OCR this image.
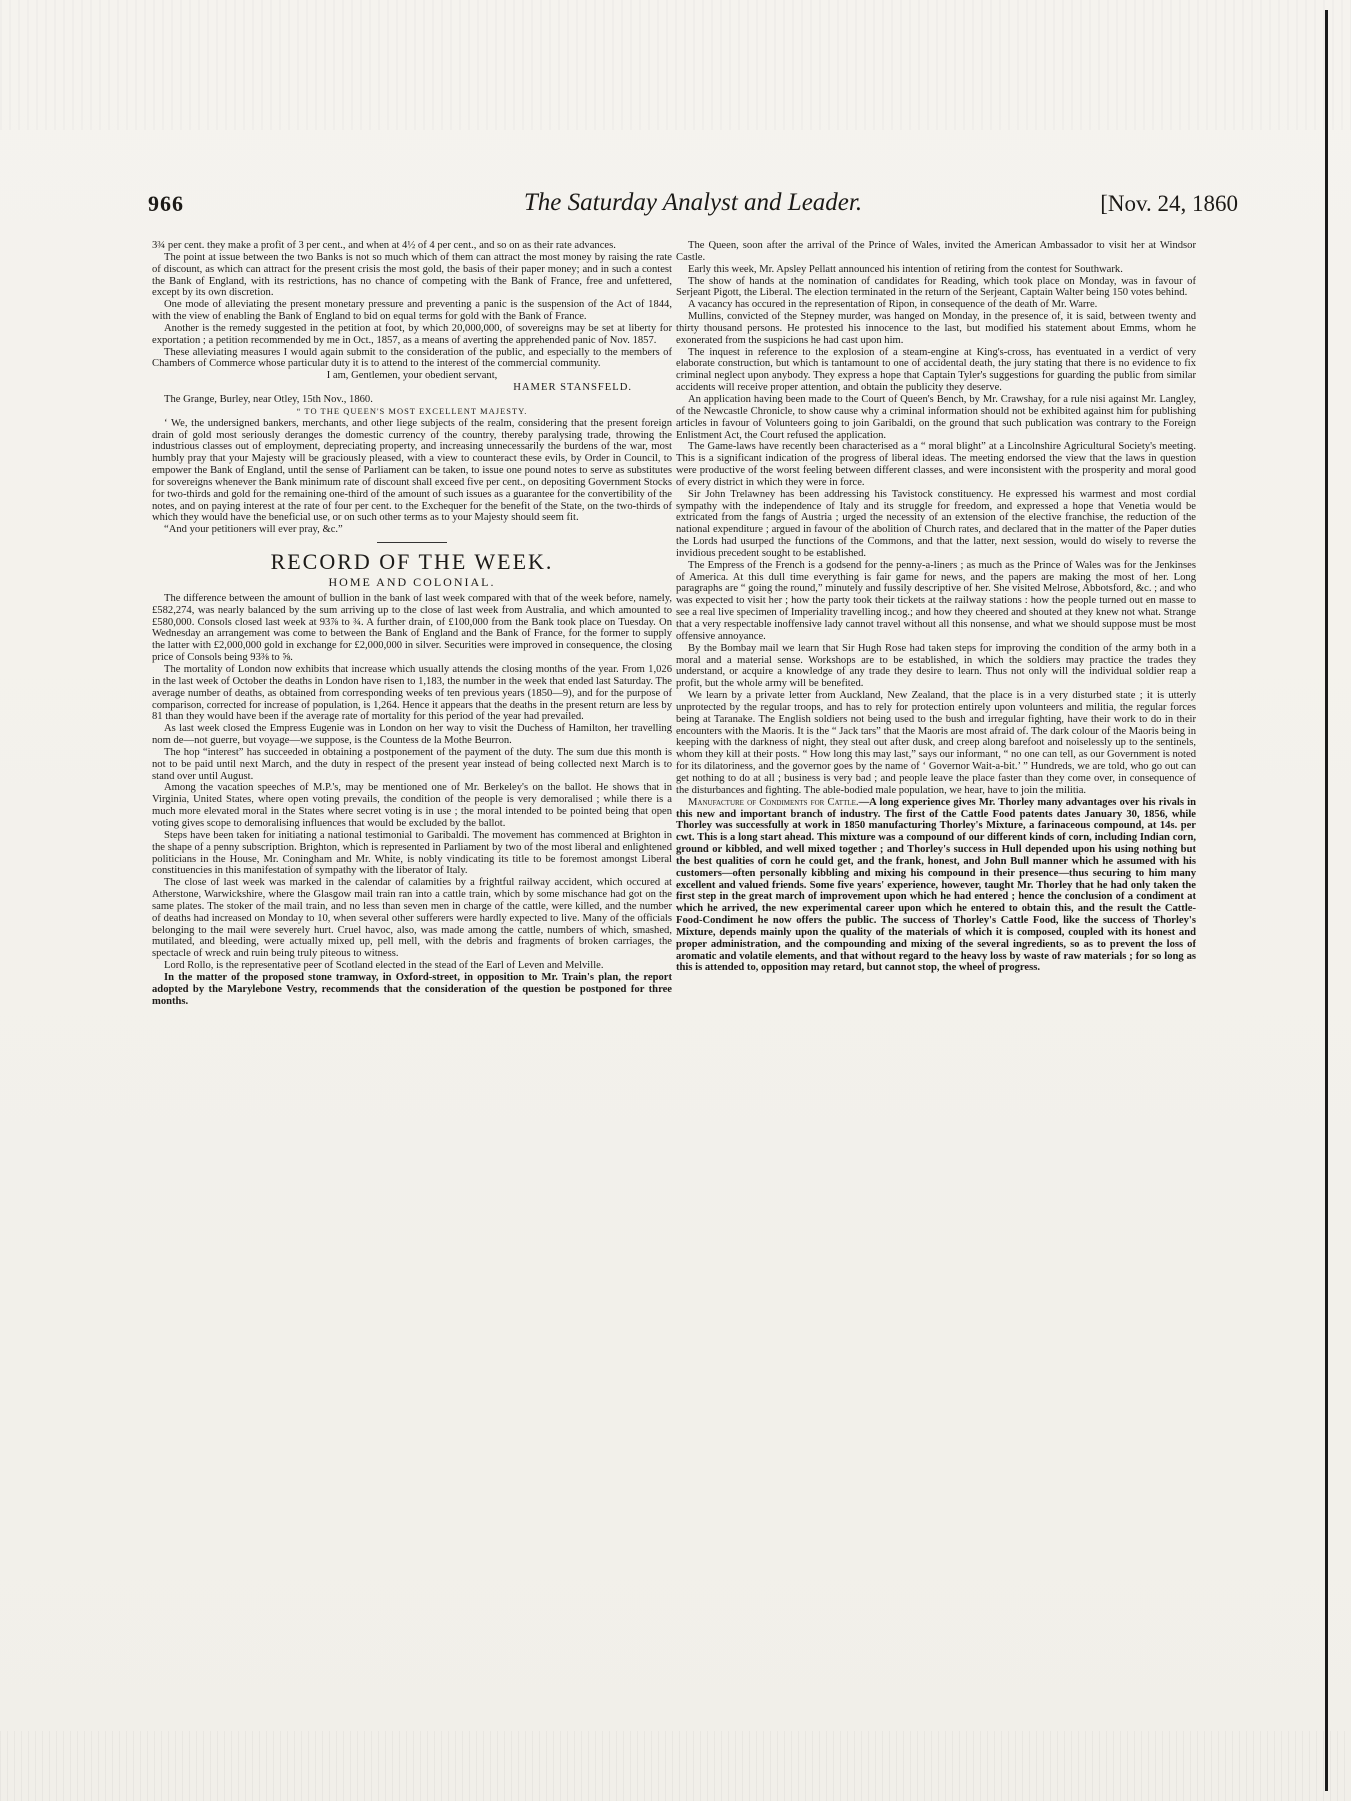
966	The Saturday Analyst and Leader.	[Nov. 24, 1860

3¾ per cent. they make a profit of 3 per cent., and when at 4½ of 4 per cent., and so on as their rate advances.

The point at issue between the two Banks is not so much which of them can attract the most money by raising the rate of discount, as which can attract for the present crisis the most gold, the basis of their paper money; and in such a contest the Bank of England, with its restrictions, has no chance of competing with the Bank of France, free and unfettered, except by its own discretion.

One mode of alleviating the present monetary pressure and preventing a panic is the suspension of the Act of 1844, with the view of enabling the Bank of England to bid on equal terms for gold with the Bank of France.

Another is the remedy suggested in the petition at foot, by which 20,000,000, of sovereigns may be set at liberty for exportation ; a petition recommended by me in Oct., 1857, as a means of averting the apprehended panic of Nov. 1857.

These alleviating measures I would again submit to the consideration of the public, and especially to the members of Chambers of Commerce whose particular duty it is to attend to the interest of the commercial community.

I am, Gentlemen, your obedient servant,

HAMER STANSFELD.

The Grange, Burley, near Otley, 15th Nov., 1860.

“ TO THE QUEEN'S MOST EXCELLENT MAJESTY.

‘ We, the undersigned bankers, merchants, and other liege subjects of the realm, considering that the present foreign drain of gold most seriously deranges the domestic currency of the country, thereby paralysing trade, throwing the industrious classes out of employment, depreciating property, and increasing unnecessarily the burdens of the war, most humbly pray that your Majesty will be graciously pleased, with a view to counteract these evils, by Order in Council, to empower the Bank of England, until the sense of Parliament can be taken, to issue one pound notes to serve as substitutes for sovereigns whenever the Bank minimum rate of discount shall exceed five per cent., on depositing Government Stocks for two-thirds and gold for the remaining one-third of the amount of such issues as a guarantee for the convertibility of the notes, and on paying interest at the rate of four per cent. to the Exchequer for the benefit of the State, on the two-thirds of which they would have the beneficial use, or on such other terms as to your Majesty should seem fit.

“And your petitioners will ever pray, &c.”

RECORD OF THE WEEK.
HOME AND COLONIAL.

The difference between the amount of bullion in the bank of last week compared with that of the week before, namely, £582,274, was nearly balanced by the sum arriving up to the close of last week from Australia, and which amounted to £580,000. Consols closed last week at 93⅞ to ¾. A further drain, of £100,000 from the Bank took place on Tuesday. On Wednesday an arrangement was come to between the Bank of England and the Bank of France, for the former to supply the latter with £2,000,000 gold in exchange for £2,000,000 in silver. Securities were improved in consequence, the closing price of Consols being 93⅜ to ⅝.

The mortality of London now exhibits that increase which usually attends the closing months of the year. From 1,026 in the last week of October the deaths in London have risen to 1,183, the number in the week that ended last Saturday. The average number of deaths, as obtained from corresponding weeks of ten previous years (1850—9), and for the purpose of comparison, corrected for increase of population, is 1,264. Hence it appears that the deaths in the present return are less by 81 than they would have been if the average rate of mortality for this period of the year had prevailed.

As last week closed the Empress Eugenie was in London on her way to visit the Duchess of Hamilton, her travelling nom de—not guerre, but voyage—we suppose, is the Countess de la Mothe Beurron.

The hop “interest” has succeeded in obtaining a postponement of the payment of the duty. The sum due this month is not to be paid until next March, and the duty in respect of the present year instead of being collected next March is to stand over until August.

Among the vacation speeches of M.P.'s, may be mentioned one of Mr. Berkeley's on the ballot. He shows that in Virginia, United States, where open voting prevails, the condition of the people is very demoralised ; while there is a much more elevated moral in the States where secret voting is in use ; the moral intended to be pointed being that open voting gives scope to demoralising influences that would be excluded by the ballot.

Steps have been taken for initiating a national testimonial to Garibaldi. The movement has commenced at Brighton in the shape of a penny subscription. Brighton, which is represented in Parliament by two of the most liberal and enlightened politicians in the House, Mr. Coningham and Mr. White, is nobly vindicating its title to be foremost amongst Liberal constituencies in this manifestation of sympathy with the liberator of Italy.

The close of last week was marked in the calendar of calamities by a frightful railway accident, which occured at Atherstone, Warwickshire, where the Glasgow mail train ran into a cattle train, which by some mischance had got on the same plates. The stoker of the mail train, and no less than seven men in charge of the cattle, were killed, and the number of deaths had increased on Monday to 10, when several other sufferers were hardly expected to live. Many of the officials belonging to the mail were severely hurt. Cruel havoc, also, was made among the cattle, numbers of which, smashed, mutilated, and bleeding, were actually mixed up, pell mell, with the debris and fragments of broken carriages, the spectacle of wreck and ruin being truly piteous to witness.

Lord Rollo, is the representative peer of Scotland elected in the stead of the Earl of Leven and Melville.

In the matter of the proposed stone tramway, in Oxford-street, in opposition to Mr. Train's plan, the report adopted by the Marylebone Vestry, recommends that the consideration of the question be postponed for three months.

The Queen, soon after the arrival of the Prince of Wales, invited the American Ambassador to visit her at Windsor Castle.

Early this week, Mr. Apsley Pellatt announced his intention of retiring from the contest for Southwark.

The show of hands at the nomination of candidates for Reading, which took place on Monday, was in favour of Serjeant Pigott, the Liberal. The election terminated in the return of the Serjeant, Captain Walter being 150 votes behind.

A vacancy has occured in the representation of Ripon, in consequence of the death of Mr. Warre.

Mullins, convicted of the Stepney murder, was hanged on Monday, in the presence of, it is said, between twenty and thirty thousand persons. He protested his innocence to the last, but modified his statement about Emms, whom he exonerated from the suspicions he had cast upon him.

The inquest in reference to the explosion of a steam-engine at King's-cross, has eventuated in a verdict of very elaborate construction, but which is tantamount to one of accidental death, the jury stating that there is no evidence to fix criminal neglect upon anybody. They express a hope that Captain Tyler's suggestions for guarding the public from similar accidents will receive proper attention, and obtain the publicity they deserve.

An application having been made to the Court of Queen's Bench, by Mr. Crawshay, for a rule nisi against Mr. Langley, of the Newcastle Chronicle, to show cause why a criminal information should not be exhibited against him for publishing articles in favour of Volunteers going to join Garibaldi, on the ground that such publication was contrary to the Foreign Enlistment Act, the Court refused the application.

The Game-laws have recently been characterised as a “ moral blight” at a Lincolnshire Agricultural Society's meeting. This is a significant indication of the progress of liberal ideas. The meeting endorsed the view that the laws in question were productive of the worst feeling between different classes, and were inconsistent with the prosperity and moral good of every district in which they were in force.

Sir John Trelawney has been addressing his Tavistock constituency. He expressed his warmest and most cordial sympathy with the independence of Italy and its struggle for freedom, and expressed a hope that Venetia would be extricated from the fangs of Austria ; urged the necessity of an extension of the elective franchise, the reduction of the national expenditure ; argued in favour of the abolition of Church rates, and declared that in the matter of the Paper duties the Lords had usurped the functions of the Commons, and that the latter, next session, would do wisely to reverse the invidious precedent sought to be established.

The Empress of the French is a godsend for the penny-a-liners ; as much as the Prince of Wales was for the Jenkinses of America. At this dull time everything is fair game for news, and the papers are making the most of her. Long paragraphs are “ going the round,” minutely and fussily descriptive of her. She visited Melrose, Abbotsford, &c. ; and who was expected to visit her ; how the party took their tickets at the railway stations : how the people turned out en masse to see a real live specimen of Imperiality travelling incog.; and how they cheered and shouted at they knew not what. Strange that a very respectable inoffensive lady cannot travel without all this nonsense, and what we should suppose must be most offensive annoyance.

By the Bombay mail we learn that Sir Hugh Rose had taken steps for improving the condition of the army both in a moral and a material sense. Workshops are to be established, in which the soldiers may practice the trades they understand, or acquire a knowledge of any trade they desire to learn. Thus not only will the individual soldier reap a profit, but the whole army will be benefited.

We learn by a private letter from Auckland, New Zealand, that the place is in a very disturbed state ; it is utterly unprotected by the regular troops, and has to rely for protection entirely upon volunteers and militia, the regular forces being at Taranake. The English soldiers not being used to the bush and irregular fighting, have their work to do in their encounters with the Maoris. It is the “ Jack tars” that the Maoris are most afraid of. The dark colour of the Maoris being in keeping with the darkness of night, they steal out after dusk, and creep along barefoot and noiselessly up to the sentinels, whom they kill at their posts. “ How long this may last,” says our informant, “ no one can tell, as our Government is noted for its dilatoriness, and the governor goes by the name of ‘ Governor Wait-a-bit.’ ” Hundreds, we are told, who go out can get nothing to do at all ; business is very bad ; and people leave the place faster than they come over, in consequence of the disturbances and fighting. The able-bodied male population, we hear, have to join the militia.

Manufacture of Condiments for Cattle.—A long experience gives Mr. Thorley many advantages over his rivals in this new and important branch of industry. The first of the Cattle Food patents dates January 30, 1856, while Thorley was successfully at work in 1850 manufacturing Thorley's Mixture, a farinaceous compound, at 14s. per cwt. This is a long start ahead. This mixture was a compound of our different kinds of corn, including Indian corn, ground or kibbled, and well mixed together ; and Thorley's success in Hull depended upon his using nothing but the best qualities of corn he could get, and the frank, honest, and John Bull manner which he assumed with his customers—often personally kibbling and mixing his compound in their presence—thus securing to him many excellent and valued friends. Some five years' experience, however, taught Mr. Thorley that he had only taken the first step in the great march of improvement upon which he had entered ; hence the conclusion of a condiment at which he arrived, the new experimental career upon which he entered to obtain this, and the result the Cattle-Food-Condiment he now offers the public. The success of Thorley's Cattle Food, like the success of Thorley's Mixture, depends mainly upon the quality of the materials of which it is composed, coupled with its honest and proper administration, and the compounding and mixing of the several ingredients, so as to prevent the loss of aromatic and volatile elements, and that without regard to the heavy loss by waste of raw materials ; for so long as this is attended to, opposition may retard, but cannot stop, the wheel of progress.
